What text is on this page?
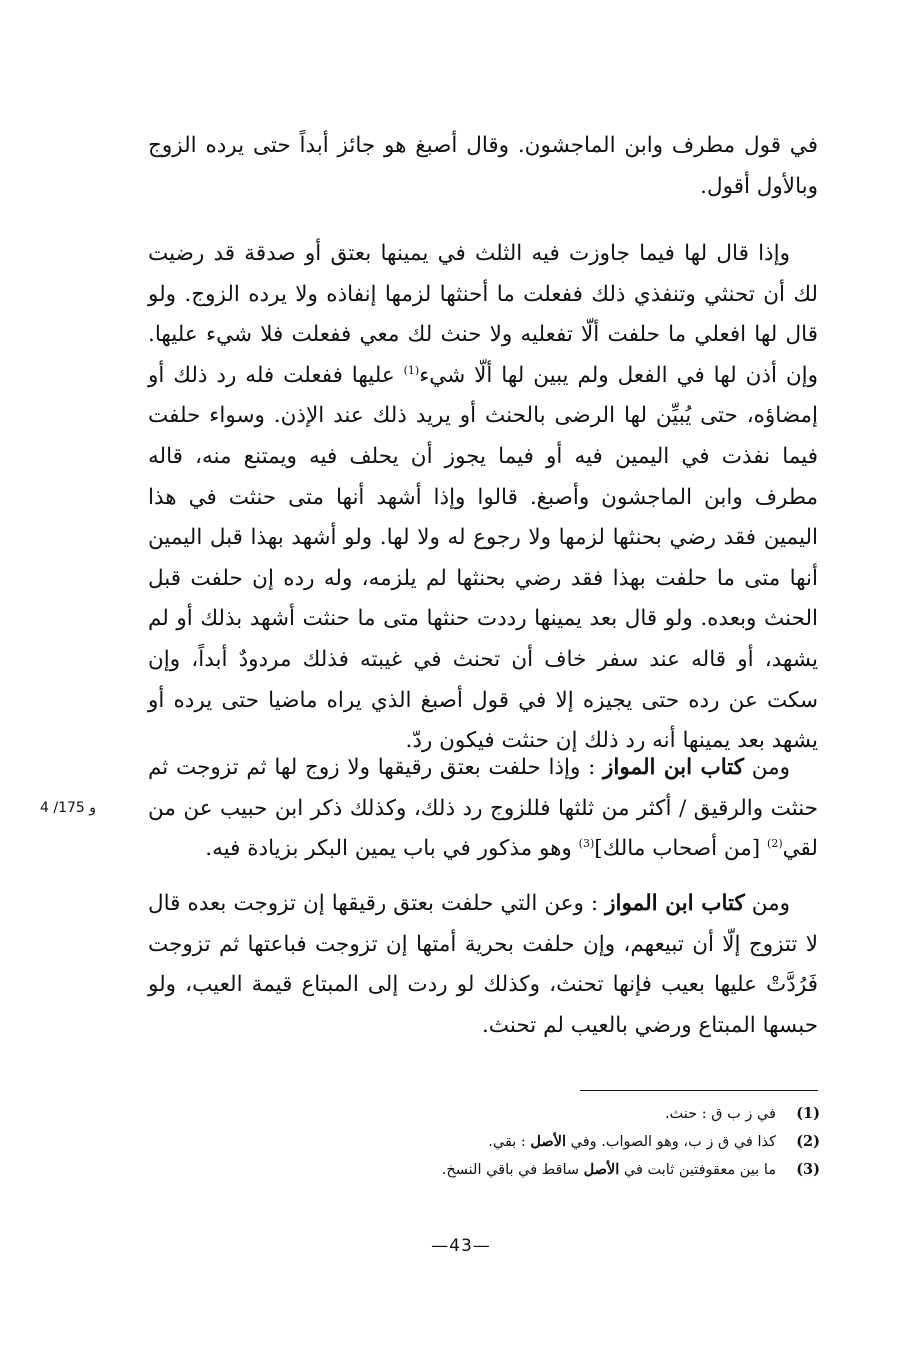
في قول مطرف وابن الماجشون. وقال أصبغ هو جائز أبداً حتى يرده الزوج وبالأول أقول.

وإذا قال لها فيما جاوزت فيه الثلث في يمينها بعتق أو صدقة قد رضيت لك أن تحنثي وتنفذي ذلك ففعلت ما أحنثها لزمها إنفاذه ولا يرده الزوج. ولو قال لها افعلي ما حلفت ألّا تفعليه ولا حنث لك معي ففعلت فلا شيء عليها. وإن أذن لها في الفعل ولم يبين لها ألّا شيء$^{(1)}$ عليها ففعلت فله رد ذلك أو إمضاؤه، حتى يُبيِّن لها الرضى بالحنث أو يريد ذلك عند الإذن. وسواء حلفت فيما نفذت في اليمين فيه أو فيما يجوز أن يحلف فيه ويمتنع منه، قاله مطرف وابن الماجشون وأصبغ. قالوا وإذا أشهد أنها متى حنثت في هذا اليمين فقد رضي بحنثها لزمها ولا رجوع له ولا لها. ولو أشهد بهذا قبل اليمين أنها متى ما حلفت بهذا فقد رضي بحنثها لم يلزمه، وله رده إن حلفت قبل الحنث وبعده. ولو قال بعد يمينها رددت حنثها متى ما حنثت أشهد بذلك أو لم يشهد، أو قاله عند سفر خاف أن تحنث في غيبته فذلك مردودٌ أبداً، وإن سكت عن رده حتى يجيزه إلا في قول أصبغ الذي يراه ماضيا حتى يرده أو يشهد بعد يمينها أنه رد ذلك إن حنثت فيكون ردّ.

ومن كتاب ابن المواز : وإذا حلفت بعتق رقيقها ولا زوج لها ثم تزوجت ثم حنثت والرقيق / أكثر من ثلثها فللزوج رد ذلك، وكذلك ذكر ابن حبيب عن من لقي$^{(2)}$ [من أصحاب مالك]$^{(3)}$ وهو مذكور في باب يمين البكر بزيادة فيه.

ومن كتاب ابن المواز : وعن التي حلفت بعتق رقيقها إن تزوجت بعده قال لا تتزوج إلّا أن تبيعهم، وإن حلفت بحرية أمتها إن تزوجت فباعتها ثم تزوجت فَرُدَّتْ عليها بعيب فإنها تحنث، وكذلك لو ردت إلى المبتاع قيمة العيب، ولو حبسها المبتاع ورضي بالعيب لم تحنث.

4 /175 و
(1)
في ز ب ق : حنث.
(2)
كذا في ق ز ب، وهو الصواب. وفي الأصل : بقي.
(3)
ما بين معقوفتين ثابت في الأصل ساقط في باقي النسخ.
—43—
